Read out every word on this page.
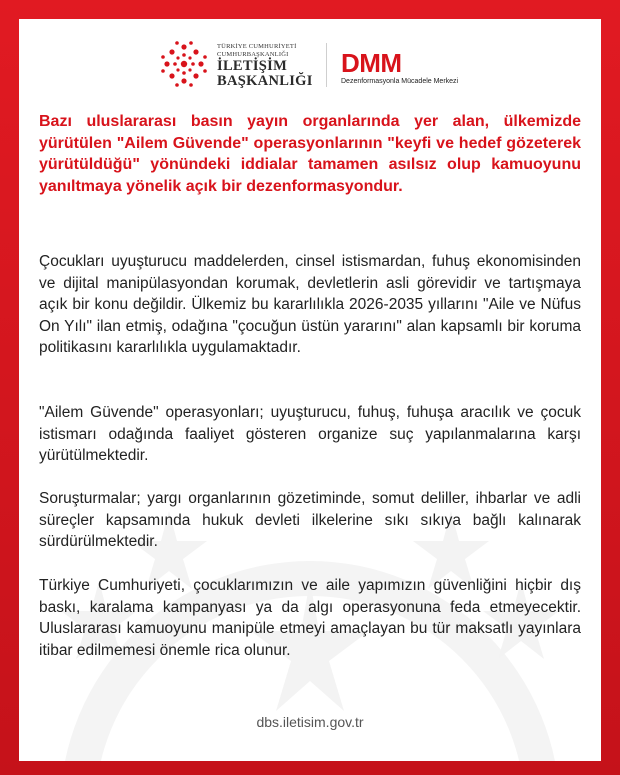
TÜRKİYE CUMHURİYETİ
CUMHURBAŞKANLIĞI
İLETİŞİM
BAŞKANLIĞI
DMM
Dezenformasyonla Mücadele Merkezi
Bazı uluslararası basın yayın organlarında yer alan, ülkemizde yürütülen "Ailem Güvende" operasyonlarının "keyfi ve hedef gözeterek yürütüldüğü" yönündeki iddialar tamamen asılsız olup kamuoyunu yanıltmaya yönelik açık bir dezenformasyondur.
Çocukları uyuşturucu maddelerden, cinsel istismardan, fuhuş ekonomisinden ve dijital manipülasyondan korumak, devletlerin asli görevidir ve tartışmaya açık bir konu değildir. Ülkemiz bu kararlılıkla 2026-2035 yıllarını "Aile ve Nüfus On Yılı" ilan etmiş, odağına "çocuğun üstün yararını" alan kapsamlı bir koruma politikasını kararlılıkla uygulamaktadır.
"Ailem Güvende" operasyonları; uyuşturucu, fuhuş, fuhuşa aracılık ve çocuk istismarı odağında faaliyet gösteren organize suç yapılanmalarına karşı yürütülmektedir.
Soruşturmalar; yargı organlarının gözetiminde, somut deliller, ihbarlar ve adli süreçler kapsamında hukuk devleti ilkelerine sıkı sıkıya bağlı kalınarak sürdürülmektedir.
Türkiye Cumhuriyeti, çocuklarımızın ve aile yapımızın güvenliğini hiçbir dış baskı, karalama kampanyası ya da algı operasyonuna feda etmeyecektir. Uluslararası kamuoyunu manipüle etmeyi amaçlayan bu tür maksatlı yayınlara itibar edilmemesi önemle rica olunur.
dbs.iletisim.gov.tr
